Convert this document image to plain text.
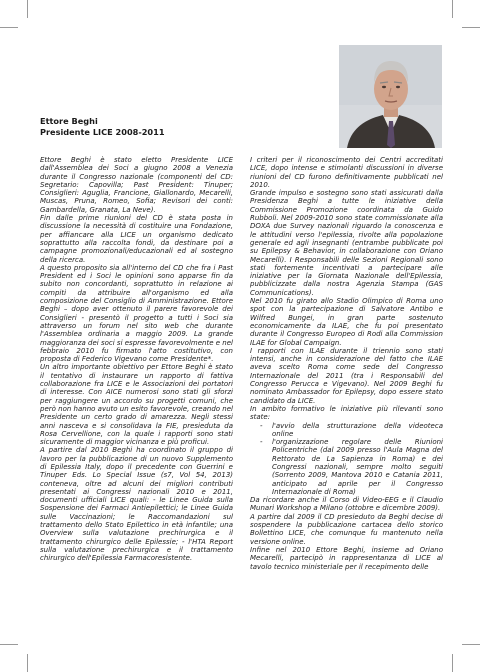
Ettore Beghi
Presidente LICE 2008-2011

Ettore Beghi è stato eletto Presidente LICE dall'Assemblea dei Soci a giugno 2008 a Venezia durante il Congresso nazionale (componenti del CD: Segretario: Capovilla; Past President: Tinuper; Consiglieri: Aguglia, Francione, Giallonardo, Mecarelli, Muscas, Pruna, Romeo, Sofia; Revisori dei conti: Gambardella, Granata, La Neve).

Fin dalle prime riunioni del CD è stata posta in discussione la necessità di costituire una Fondazione, per affiancare alla LICE un organismo dedicato soprattutto alla raccolta fondi, da destinare poi a campagne promozionali/educazionali ed al sostegno della ricerca.

A questo proposito sia all'interno del CD che fra i Past President ed i Soci le opinioni sono apparse fin da subito non concordanti, soprattutto in relazione ai compiti da attribuire all'organismo ed alla composizione del Consiglio di Amministrazione. Ettore Beghi – dopo aver ottenuto il parere favorevole dei Consiglieri - presentò il progetto a tutti i Soci sia attraverso un forum nel sito web che durante l'Assemblea ordinaria a maggio 2009. La grande maggioranza dei soci si espresse favorevolmente e nel febbraio 2010 fu firmato l'atto costitutivo, con proposta di Federico Vigevano come Presidente*.

Un altro importante obiettivo per Ettore Beghi è stato il tentativo di instaurare un rapporto di fattiva collaborazione fra LICE e le Associazioni dei portatori di interesse. Con AICE numerosi sono stati gli sforzi per raggiungere un accordo su progetti comuni, che però non hanno avuto un esito favorevole, creando nel Presidente un certo grado di amarezza. Negli stessi anni nasceva e si consolidava la FIE, presieduta da Rosa Cervellione, con la quale i rapporti sono stati sicuramente di maggior vicinanza e più proficui.

A partire dal 2010 Beghi ha coordinato il gruppo di lavoro per la pubblicazione di un nuovo Supplemento di Epilessia Italy, dopo il precedente con Guerrini e Tinuper Eds. Lo Special Issue (s7, Vol 54, 2013) conteneva, oltre ad alcuni dei migliori contributi presentati ai Congressi nazionali 2010 e 2011, documenti ufficiali LICE quali: - le Linee Guida sulla Sospensione dei Farmaci Antiepilettici; le Linee Guida sulle Vaccinazioni; le Raccomandazioni sul trattamento dello Stato Epilettico in età infantile; una Overview sulla valutazione prechirurgica e il trattamento chirurgico delle Epilessie; - l'HTA Report sulla valutazione prechirurgica e il trattamento chirurgico dell'Epilessia Farmacoresistente.

I criteri per il riconoscimento dei Centri accreditati LICE, dopo intense e stimolanti discussioni in diverse riunioni del CD furono definitivamente pubblicati nel 2010.

Grande impulso e sostegno sono stati assicurati dalla Presidenza Beghi a tutte le iniziative della Commissione Promozione coordinata da Guido Rubboli. Nel 2009-2010 sono state commissionate alla DOXA due Survey nazionali riguardo la conoscenza e le attitudini verso l'epilessia, rivolte alla popolazione generale ed agli insegnanti (entrambe pubblicate poi su Epilepsy & Behavior, in collaborazione con Oriano Mecarelli). I Responsabili delle Sezioni Regionali sono stati fortemente incentivati a partecipare alle iniziative per la Giornata Nazionale dell'Epilessia, pubblicizzate dalla nostra Agenzia Stampa (GAS Communications).

Nel 2010 fu girato allo Stadio Olimpico di Roma uno spot con la partecipazione di Salvatore Antibo e Wilfred Bungei, in gran parte sostenuto economicamente da ILAE, che fu poi presentato durante il Congresso Europeo di Rodi alla Commission ILAE for Global Campaign.

I rapporti con ILAE durante il triennio sono stati intensi, anche in considerazione del fatto che ILAE aveva scelto Roma come sede del Congresso Internazionale del 2011 (tra i Responsabili del Congresso Perucca e Vigevano). Nel 2009 Beghi fu nominato Ambassador for Epilepsy, dopo essere stato candidato da LICE.

In ambito formativo le iniziative più rilevanti sono state:

- l'avvio della strutturazione della videoteca online
- l'organizzazione regolare delle Riunioni Policentriche (dal 2009 presso l'Aula Magna del Rettorato de La Sapienza in Roma) e dei Congressi nazionali, sempre molto seguiti (Sorrento 2009, Mantova 2010 e Catania 2011, anticipato ad aprile per il Congresso Internazionale di Roma)

Da ricordare anche il Corso di Video-EEG e il Claudio Munari Workshop a Milano (ottobre e dicembre 2009).

A partire dal 2009 il CD presieduto da Beghi decise di sospendere la pubblicazione cartacea dello storico Bollettino LICE, che comunque fu mantenuto nella versione online.

Infine nel 2010 Ettore Beghi, insieme ad Oriano Mecarelli, partecipò in rappresentanza di LICE al tavolo tecnico ministeriale per il recepimento delle
